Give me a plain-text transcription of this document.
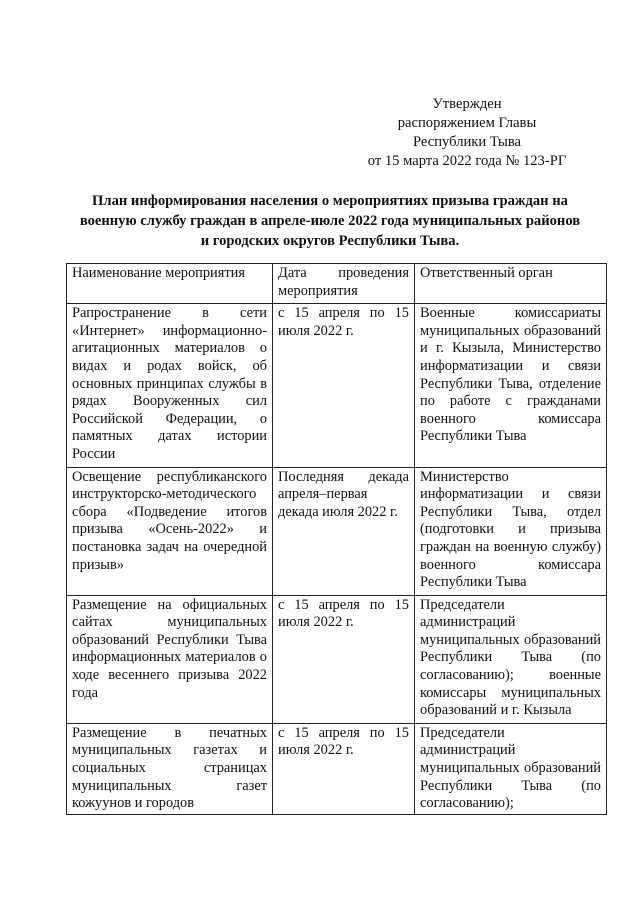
Утвержден
распоряжением Главы
Республики Тыва
от 15 марта 2022 года № 123-РГ
План информирования населения о мероприятиях призыва граждан на
военную службу граждан в апреле-июле 2022 года муниципальных районов
и городских округов Республики Тыва.
Наименование мероприятия	Дата проведения мероприятия	Ответственный орган
Рапространение в сети «Интернет» информационно-агитационных материалов о видах и родах войск, об основных принципах службы в рядах Вооруженных сил Российской Федерации, о памятных датах истории России	с 15 апреля по 15 июля 2022 г.	Военные комиссариаты муниципальных образований и г. Кызыла, Министерство информатизации и связи Республики Тыва, отделение по работе с гражданами военного комиссара Республики Тыва
Освещение республиканского инструкторско-методического сбора «Подведение итогов призыва «Осень-2022» и постановка задач на очередной призыв»	Последняя декада апреля–первая декада июля 2022 г.	Министерство информатизации и связи Республики Тыва, отдел (подготовки и призыва граждан на военную службу) военного комиссара Республики Тыва
Размещение на официальных сайтах муниципальных образований Республики Тыва информационных материалов о ходе весеннего призыва 2022 года	с 15 апреля по 15 июля 2022 г.	Председатели администраций муниципальных образований Республики Тыва (по согласованию); военные комиссары муниципальных образований и г. Кызыла

Размещение в печатных муниципальных газетах и социальных страницах муниципальных газет кожуунов и городов	с 15 апреля по 15 июля 2022 г.	Председатели администраций муниципальных образований Республики Тыва (по согласованию);
